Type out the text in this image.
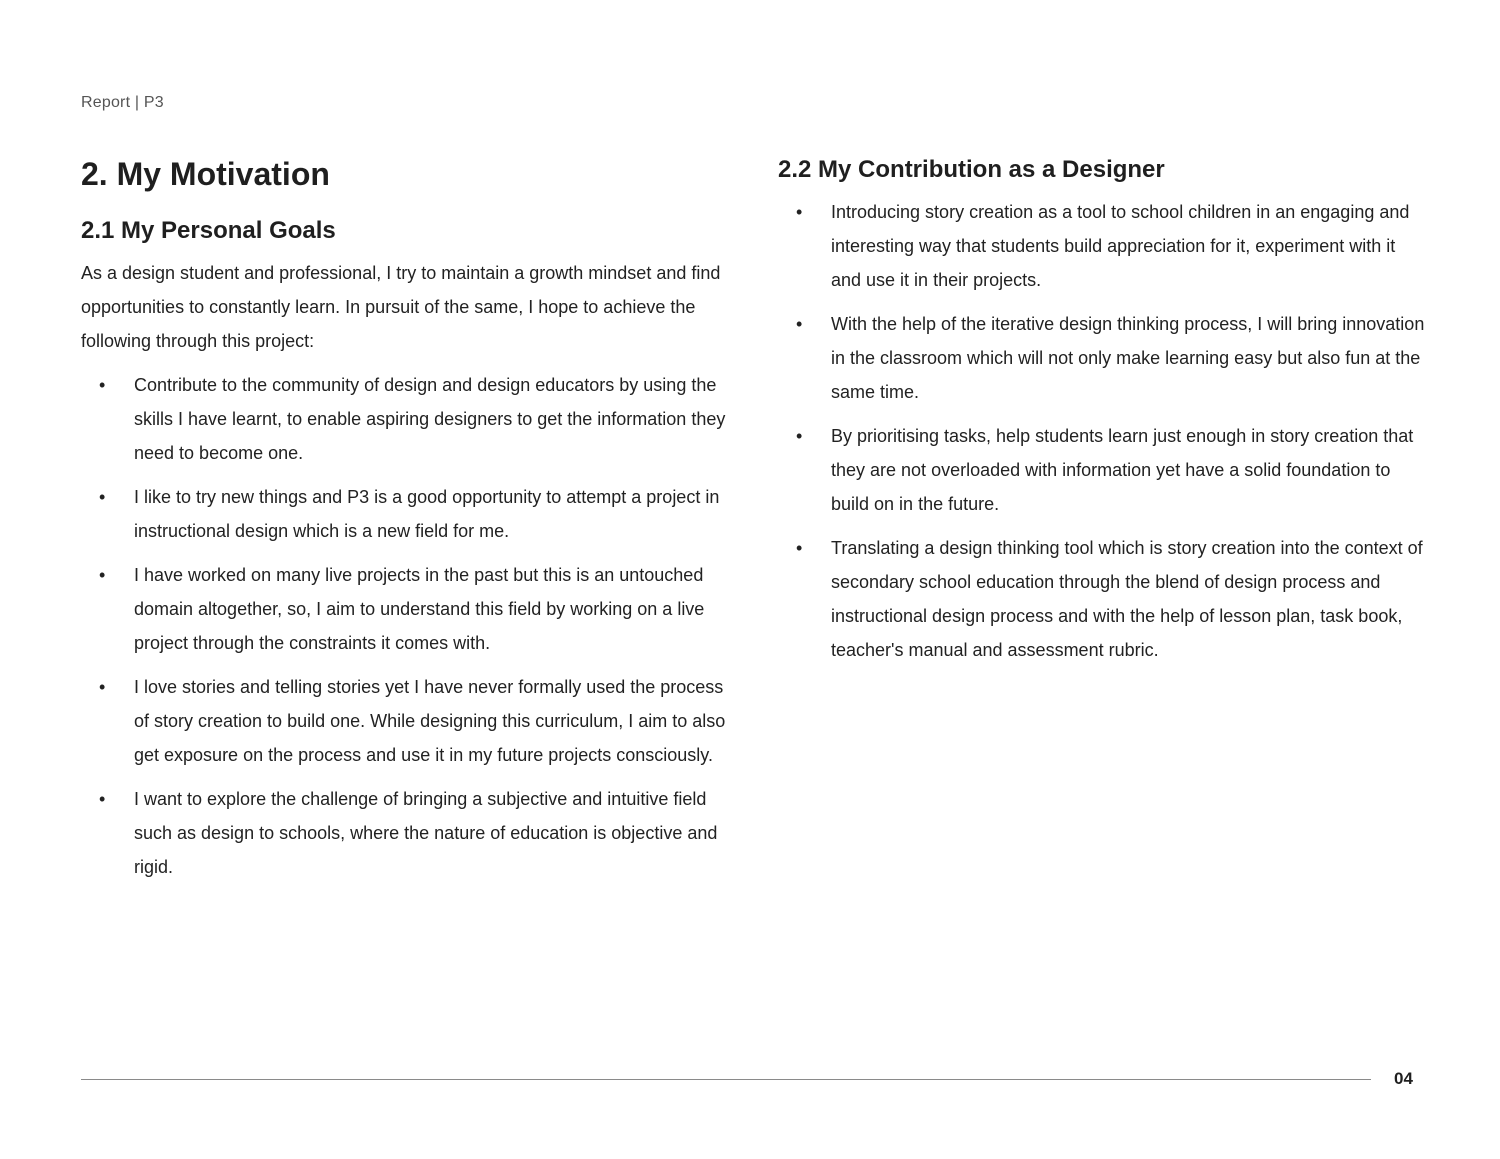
Report | P3
2. My Motivation
2.1 My Personal Goals

As a design student and professional, I try to maintain a growth mindset and find opportunities to constantly learn. In pursuit of the same, I hope to achieve the following through this project:

• Contribute to the community of design and design educators by using the skills I have learnt, to enable aspiring designers to get the information they need to become one.
• I like to try new things and P3 is a good opportunity to attempt a project in instructional design which is a new field for me.
• I have worked on many live projects in the past but this is an untouched domain altogether, so, I aim to understand this field by working on a live project through the constraints it comes with.
• I love stories and telling stories yet I have never formally used the process of story creation to build one. While designing this curriculum, I aim to also get exposure on the process and use it in my future projects consciously.
• I want to explore the challenge of bringing a subjective and intuitive field such as design to schools, where the nature of education is objective and rigid.
2.2 My Contribution as a Designer
• Introducing story creation as a tool to school children in an engaging and interesting way that students build appreciation for it, experiment with it and use it in their projects.
• With the help of the iterative design thinking process, I will bring innovation in the classroom which will not only make learning easy but also fun at the same time.
• By prioritising tasks, help students learn just enough in story creation that they are not overloaded with information yet have a solid foundation to build on in the future.
• Translating a design thinking tool which is story creation into the context of secondary school education through the blend of design process and instructional design process and with the help of lesson plan, task book, teacher's manual and assessment rubric.
04
